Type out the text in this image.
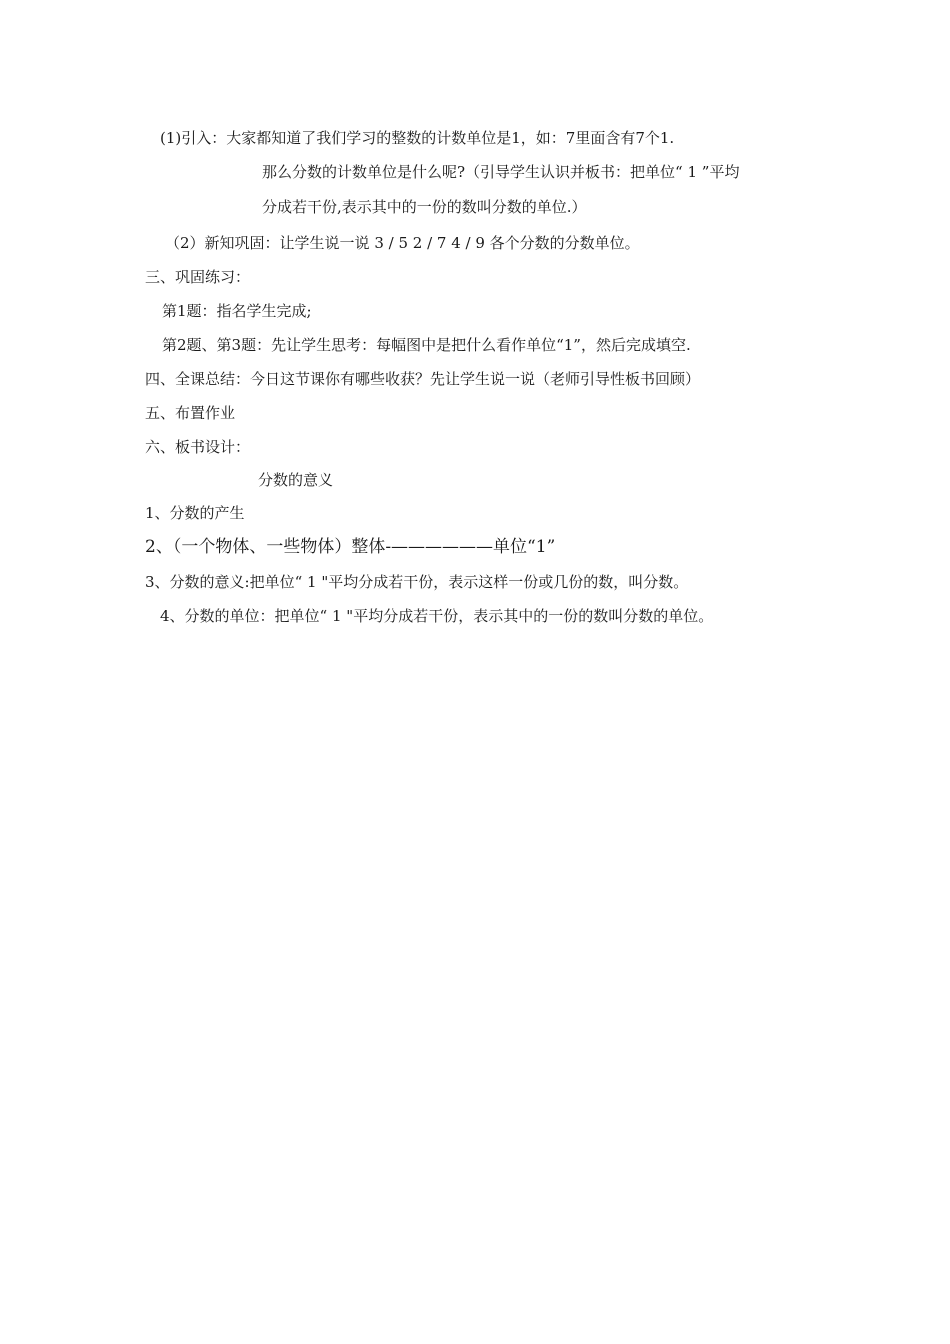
(1)引入：大家都知道了我们学习的整数的计数单位是1，如：7里面含有7个1.
那么分数的计数单位是什么呢?（引导学生认识并板书：把单位“ 1 ”平均
分成若干份,表示其中的一份的数叫分数的单位.）
（2）新知巩固：让学生说一说 3 / 5 2 / 7 4 / 9 各个分数的分数单位。
三、巩固练习：
第1题：指名学生完成;
第2题、第3题：先让学生思考：每幅图中是把什么看作单位“1”，然后完成填空.
四、全课总结：今日这节课你有哪些收获？先让学生说一说（老师引导性板书回顾）
五、布置作业
六、板书设计：
分数的意义
1、分数的产生
2、（一个物体、一些物体）整体-——————单位“1”
3、分数的意义:把单位“ 1 "平均分成若干份，表示这样一份或几份的数，叫分数。
4、分数的单位：把单位“ 1 "平均分成若干份，表示其中的一份的数叫分数的单位。
